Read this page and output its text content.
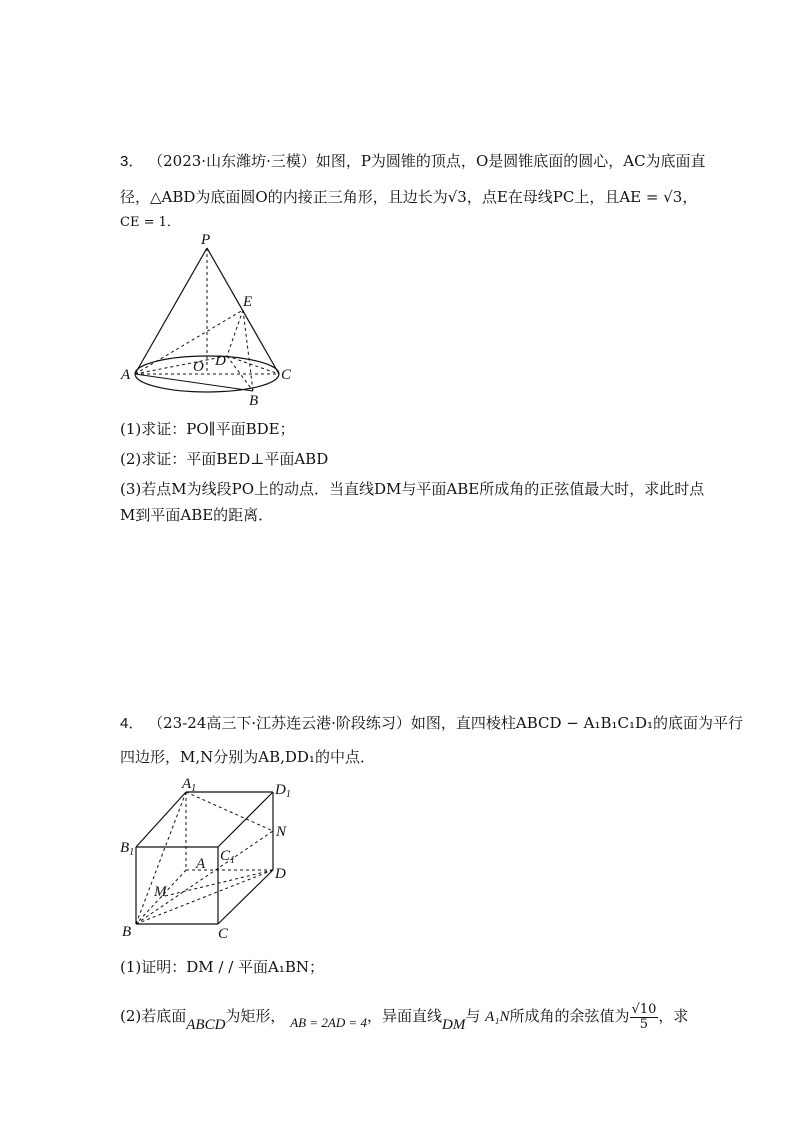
3． （2023·山东潍坊·三模）如图，P为圆锥的顶点，O是圆锥底面的圆心，AC为底面直
径，△ABD为底面圆O的内接正三角形，且边长为√3，点E在母线PC上，且AE = √3，
CE = 1．
P
E
A	O D
C
B
(1)求证：PO∥平面BDE；
(2)求证：平面BED⊥平面ABD
(3)若点M为线段PO上的动点．当直线DM与平面ABE所成角的正弦值最大时，求此时点
M到平面ABE的距离．
4． （23-24高三下·江苏连云港·阶段练习）如图，直四棱柱ABCD − A₁B₁C₁D₁的底面为平行
四边形，M,N分别为AB,DD₁的中点．
$A_1$	$D_1$
$B_1$	$C_1$
N
A
D
M
B	C
(1)证明：DM / / 平面A₁BN；
(2)若底面ABCD为矩形， AB = 2AD = 4，异面直线DM与 A₁N所成角的余弦值为 $\frac{√10}{5}$ ，求
